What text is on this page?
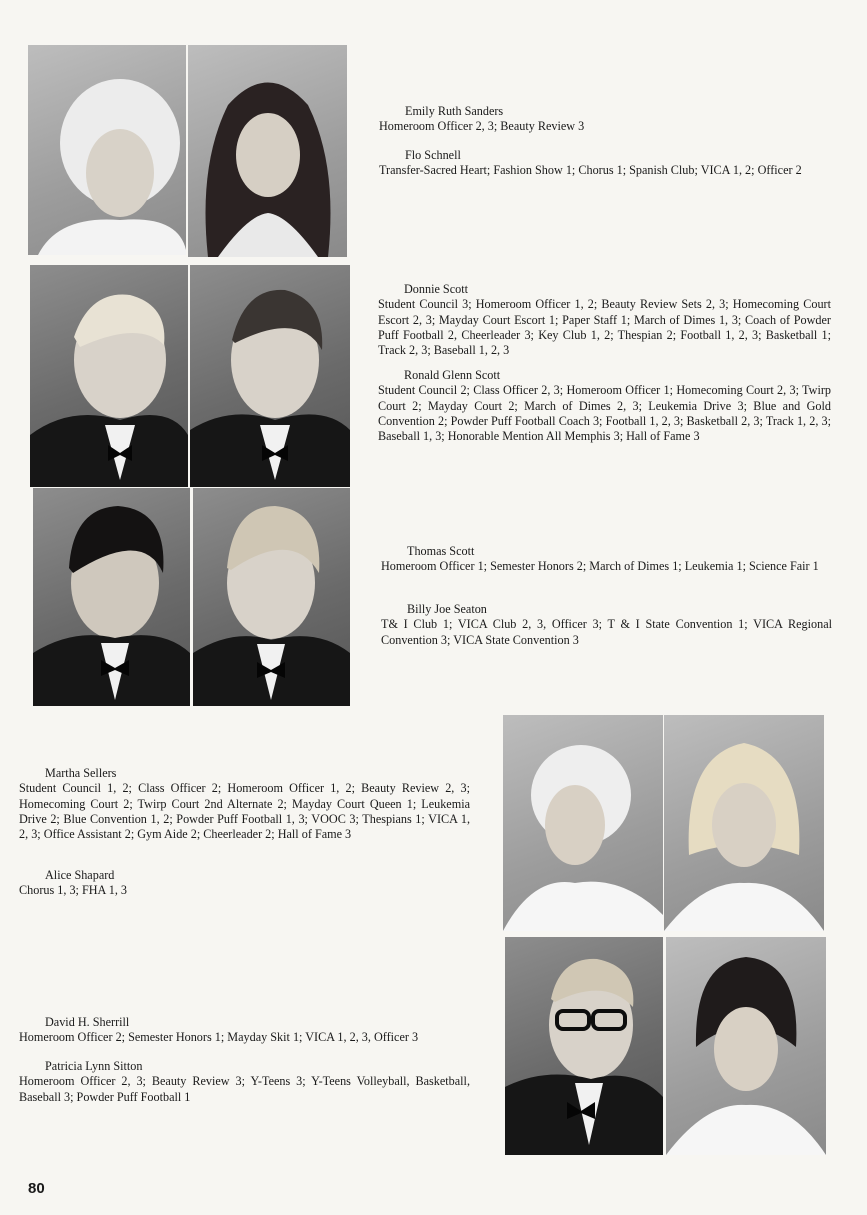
Emily Ruth Sanders
Homeroom Officer 2, 3; Beauty Review 3
Flo Schnell
Transfer-Sacred Heart; Fashion Show 1; Chorus 1; Spanish Club; VICA 1, 2; Officer 2
Donnie Scott
Student Council 3; Homeroom Officer 1, 2; Beauty Review Sets 2, 3; Homecoming Court Escort 2, 3; Mayday Court Escort 1; Paper Staff 1; March of Dimes 1, 3; Coach of Powder Puff Football 2, Cheerleader 3; Key Club 1, 2; Thespian 2; Football 1, 2, 3; Basketball 1; Track 2, 3; Baseball 1, 2, 3
Ronald Glenn Scott
Student Council 2; Class Officer 2, 3; Homeroom Officer 1; Homecoming Court 2, 3; Twirp Court 2; Mayday Court 2; March of Dimes 2, 3; Leukemia Drive 3; Blue and Gold Convention 2; Powder Puff Football Coach 3; Football 1, 2, 3; Basketball 2, 3; Track 1, 2, 3; Baseball 1, 3; Honorable Mention All Memphis 3; Hall of Fame 3
Thomas Scott
Homeroom Officer 1; Semester Honors 2; March of Dimes 1; Leukemia 1; Science Fair 1
Billy Joe Seaton
T& I Club 1; VICA Club 2, 3, Officer 3; T & I State Convention 1; VICA Regional Convention 3; VICA State Convention 3
Martha Sellers
Student Council 1, 2; Class Officer 2; Homeroom Officer 1, 2; Beauty Review 2, 3; Homecoming Court 2; Twirp Court 2nd Alternate 2; Mayday Court Queen 1; Leukemia Drive 2; Blue Convention 1, 2; Powder Puff Football 1, 3; VOOC 3; Thespians 1; VICA 1, 2, 3; Office Assistant 2; Gym Aide 2; Cheerleader 2; Hall of Fame 3
Alice Shapard
Chorus 1, 3; FHA 1, 3
David H. Sherrill
Homeroom Officer 2; Semester Honors 1; Mayday Skit 1; VICA 1, 2, 3, Officer 3
Patricia Lynn Sitton
Homeroom Officer 2, 3; Beauty Review 3; Y-Teens 3; Y-Teens Volleyball, Basketball, Baseball 3; Powder Puff Football 1
80
